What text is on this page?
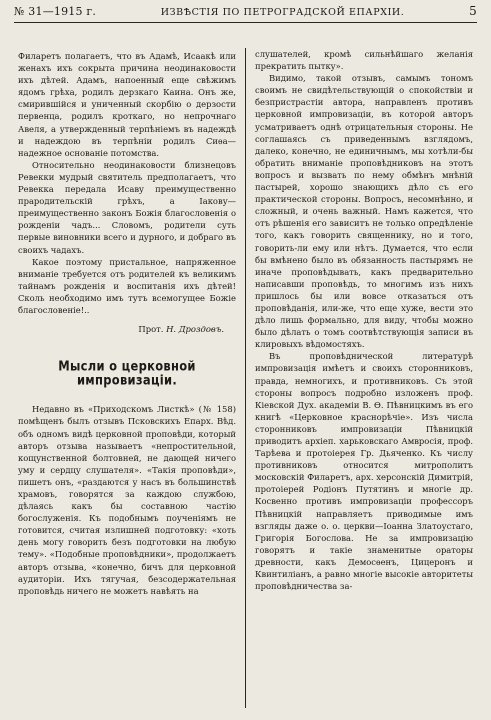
№ 31—1915 г.	ИЗВѢСТІЯ ПО ПЕТРОГРАДСКОЙ ЕПАРХІИ.	5

Филаретъ полагаетъ, что въ Адамѣ, Исаакѣ или женахъ ихъ сокрыта причина неодинаковости ихъ дѣтей. Адамъ, напоенный еще свѣжимъ ядомъ грѣха, родилъ дерзкаго Каина. Онъ же, смирившійся и униченный скорбію о дерзости первенца, родилъ кроткаго, но непрочнаго Авеля, а утвержденный терпѣніемъ въ надеждѣ и надеждою въ терпѣніи родилъ Сиѳа—надежное основаніе потомства.

Относительно неодинаковости близнецовъ Ревекки мудрый святитель предполагаетъ, что Ревекка передала Исаву преимущественно прародительскій грѣхъ, а Іакову—преимущественно законъ Божія благословенія о рожденіи чадъ... Словомъ, родители суть первые виновники всего и дурного, и добраго въ своихъ чадахъ.

Какое поэтому пристальное, напряженное вниманіе требуется отъ родителей къ великимъ тайнамъ рожденія и воспитанія ихъ дѣтей! Сколь необходимо имъ тутъ всемогущее Божіе благословеніе!..

Прот. Н. Дроздовъ.

Мысли о церковной импровизаціи.

Недавно въ «Приходскомъ Листкѣ» (№ 158) помѣщенъ былъ отзывъ Псковскихъ Епарх. Вѣд. объ одномъ видѣ церковной проповѣди, который авторъ отзыва называетъ «непростительной, кощунственной болтовней, не дающей ничего уму и сердцу слушателя». «Такія проповѣди», пишетъ онъ, «раздаются у насъ въ большинствѣ храмовъ, говорятся за каждою службою, дѣлаясь какъ бы составною частію богослуженія. Къ подобнымъ поученіямъ не готовится, считая излишней подготовку: «хоть день могу говорить безъ подготовки на любую тему». «Подобные проповѣдники», продолжаетъ авторъ отзыва, «конечно, бичъ для церковной аудиторіи. Ихъ тягучая, безсодержательная проповѣдь ничего не можетъ навѣять на

слушателей, кромѣ сильнѣйшаго желанія прекратить пытку».

Видимо, такой отзывъ, самымъ тономъ своимъ не свидѣтельствующій о спокойствіи и безпристрастіи автора, направленъ противъ церковной импровизаціи, въ которой авторъ усматриваетъ однѣ отрицательныя стороны. Не соглашаясь съ приведеннымъ взглядомъ, далеко, конечно, не единичнымъ, мы хотѣли-бы обратить вниманіе проповѣдниковъ на этотъ вопросъ и вызвать по нему обмѣнъ мнѣній пастырей, хорошо знающихъ дѣло съ его практической стороны. Вопросъ, несомнѣнно, и сложный, и очень важный. Намъ кажется, что отъ рѣшенія его зависитъ не только опредѣленіе того, какъ говорить священнику, но и того, говорить-ли ему или нѣтъ. Думается, что если бы вмѣнено было въ обязанность пастырямъ не иначе проповѣдывать, какъ предварительно написавши проповѣдь, то многимъ изъ нихъ пришлось бы или вовсе отказаться отъ проповѣданія, или-же, что еще хуже, вести это дѣло лишь формально, для виду, чтобы можно было дѣлать о томъ соотвѣтствующія записи въ клировыхъ вѣдомостяхъ.

Въ проповѣднической литературѣ импровизація имѣетъ и своихъ сторонниковъ, правда, немногихъ, и противниковъ. Съ этой стороны вопросъ подробно изложенъ проф. Кіевской Дух. академіи В. Ѳ. Пѣвницкимъ въ его книгѣ «Церковное краснорѣчіе». Изъ числа сторонниковъ импровизаціи Пѣвницкій приводитъ архіеп. харьковскаго Амвросія, проф. Тарѣева и протоіерея Гр. Дьяченко. Къ числу противниковъ относится митрополитъ московскій Филаретъ, арх. херсонскій Димитрій, протоіерей Родіонъ Путятинъ и многіе др. Косвенно противъ импровизаціи профессоръ Пѣвницкій направляетъ приводимые имъ взгляды даже о. о. церкви—Іоанна Златоустаго, Григорія Богослова. Не за импровизацію говорятъ и такіе знаменитые ораторы древности, какъ Демосѳенъ, Цицеронъ и Квинтиліанъ, а равно многіе высокіе авторитеты проповѣдничества за-
